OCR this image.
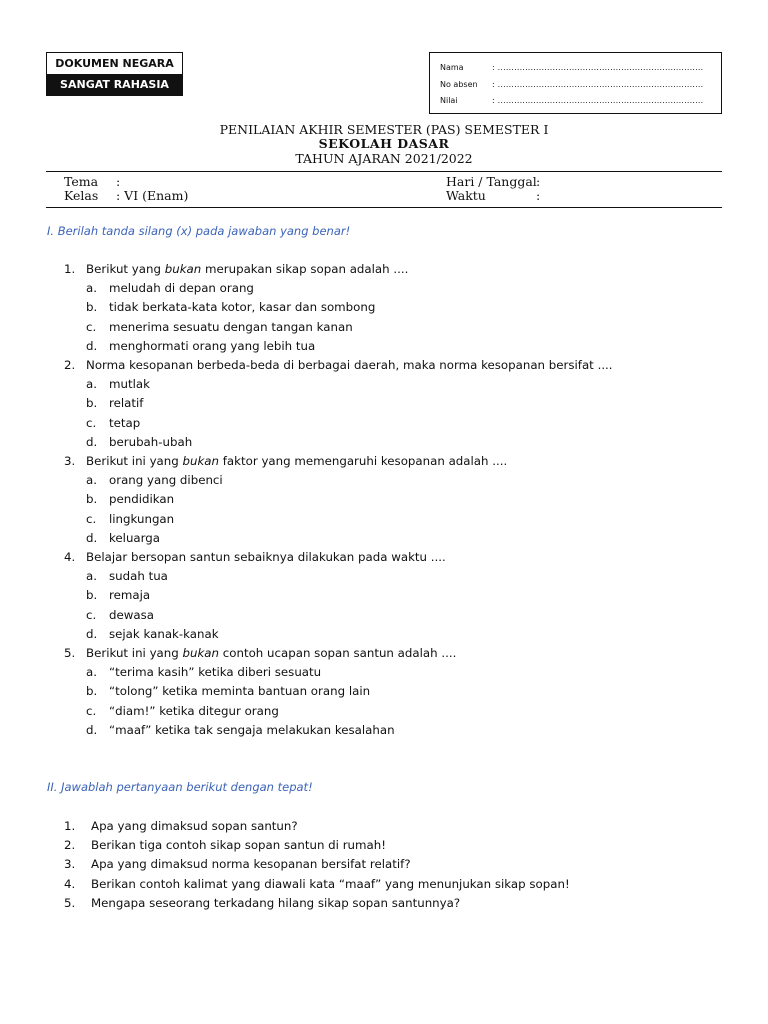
DOKUMEN NEGARA
SANGAT RAHASIA
Nama	: ...........................................................................
No absen : ...........................................................................
Nilai	: ...........................................................................
PENILAIAN AKHIR SEMESTER (PAS) SEMESTER I
SEKOLAH DASAR
TAHUN AJARAN 2021/2022
Tema :
Kelas : VI (Enam)
Hari / Tanggal :
Waktu	:
I. Berilah tanda silang (x) pada jawaban yang benar!
1. Berikut yang bukan merupakan sikap sopan adalah ....
a. meludah di depan orang
b. tidak berkata-kata kotor, kasar dan sombong
c. menerima sesuatu dengan tangan kanan
d. menghormati orang yang lebih tua
2. Norma kesopanan berbeda-beda di berbagai daerah, maka norma kesopanan bersifat ....
a. mutlak
b. relatif
c. tetap
d. berubah-ubah
3. Berikut ini yang bukan faktor yang memengaruhi kesopanan adalah ....
a. orang yang dibenci
b. pendidikan
c. lingkungan
d. keluarga
4. Belajar bersopan santun sebaiknya dilakukan pada waktu ....
a. sudah tua
b. remaja
c. dewasa
d. sejak kanak-kanak
5. Berikut ini yang bukan contoh ucapan sopan santun adalah ....
a. “terima kasih” ketika diberi sesuatu
b. “tolong” ketika meminta bantuan orang lain
c. “diam!” ketika ditegur orang
d. “maaf” ketika tak sengaja melakukan kesalahan
II. Jawablah pertanyaan berikut dengan tepat!
1. Apa yang dimaksud sopan santun?
2. Berikan tiga contoh sikap sopan santun di rumah!
3. Apa yang dimaksud norma kesopanan bersifat relatif?
4. Berikan contoh kalimat yang diawali kata “maaf” yang menunjukan sikap sopan!
5. Mengapa seseorang terkadang hilang sikap sopan santunnya?
